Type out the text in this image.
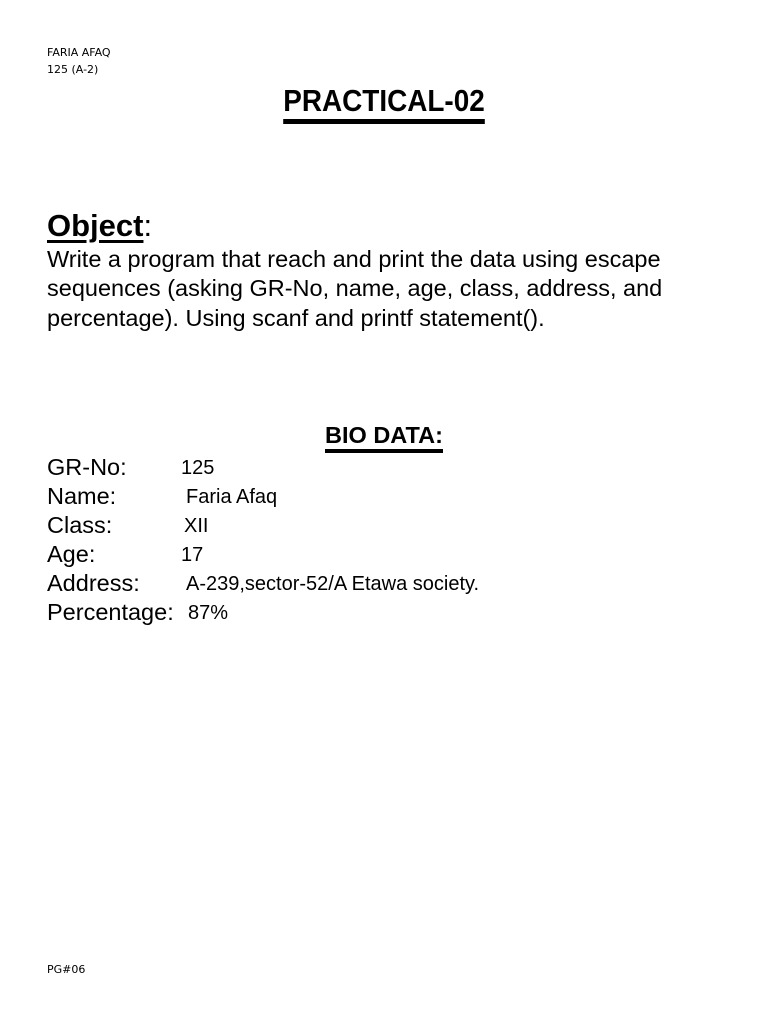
FARIA AFAQ
125 (A-2)
PRACTICAL-02
Object:
Write a program that reach and print the data using escape sequences (asking GR-No, name, age, class, address, and percentage). Using scanf and printf statement().
BIO DATA:
GR-No:	125
Name:	Faria Afaq
Class:	XII
Age:	17
Address: A-239,sector-52/A Etawa society.
Percentage: 87%
PG#06
